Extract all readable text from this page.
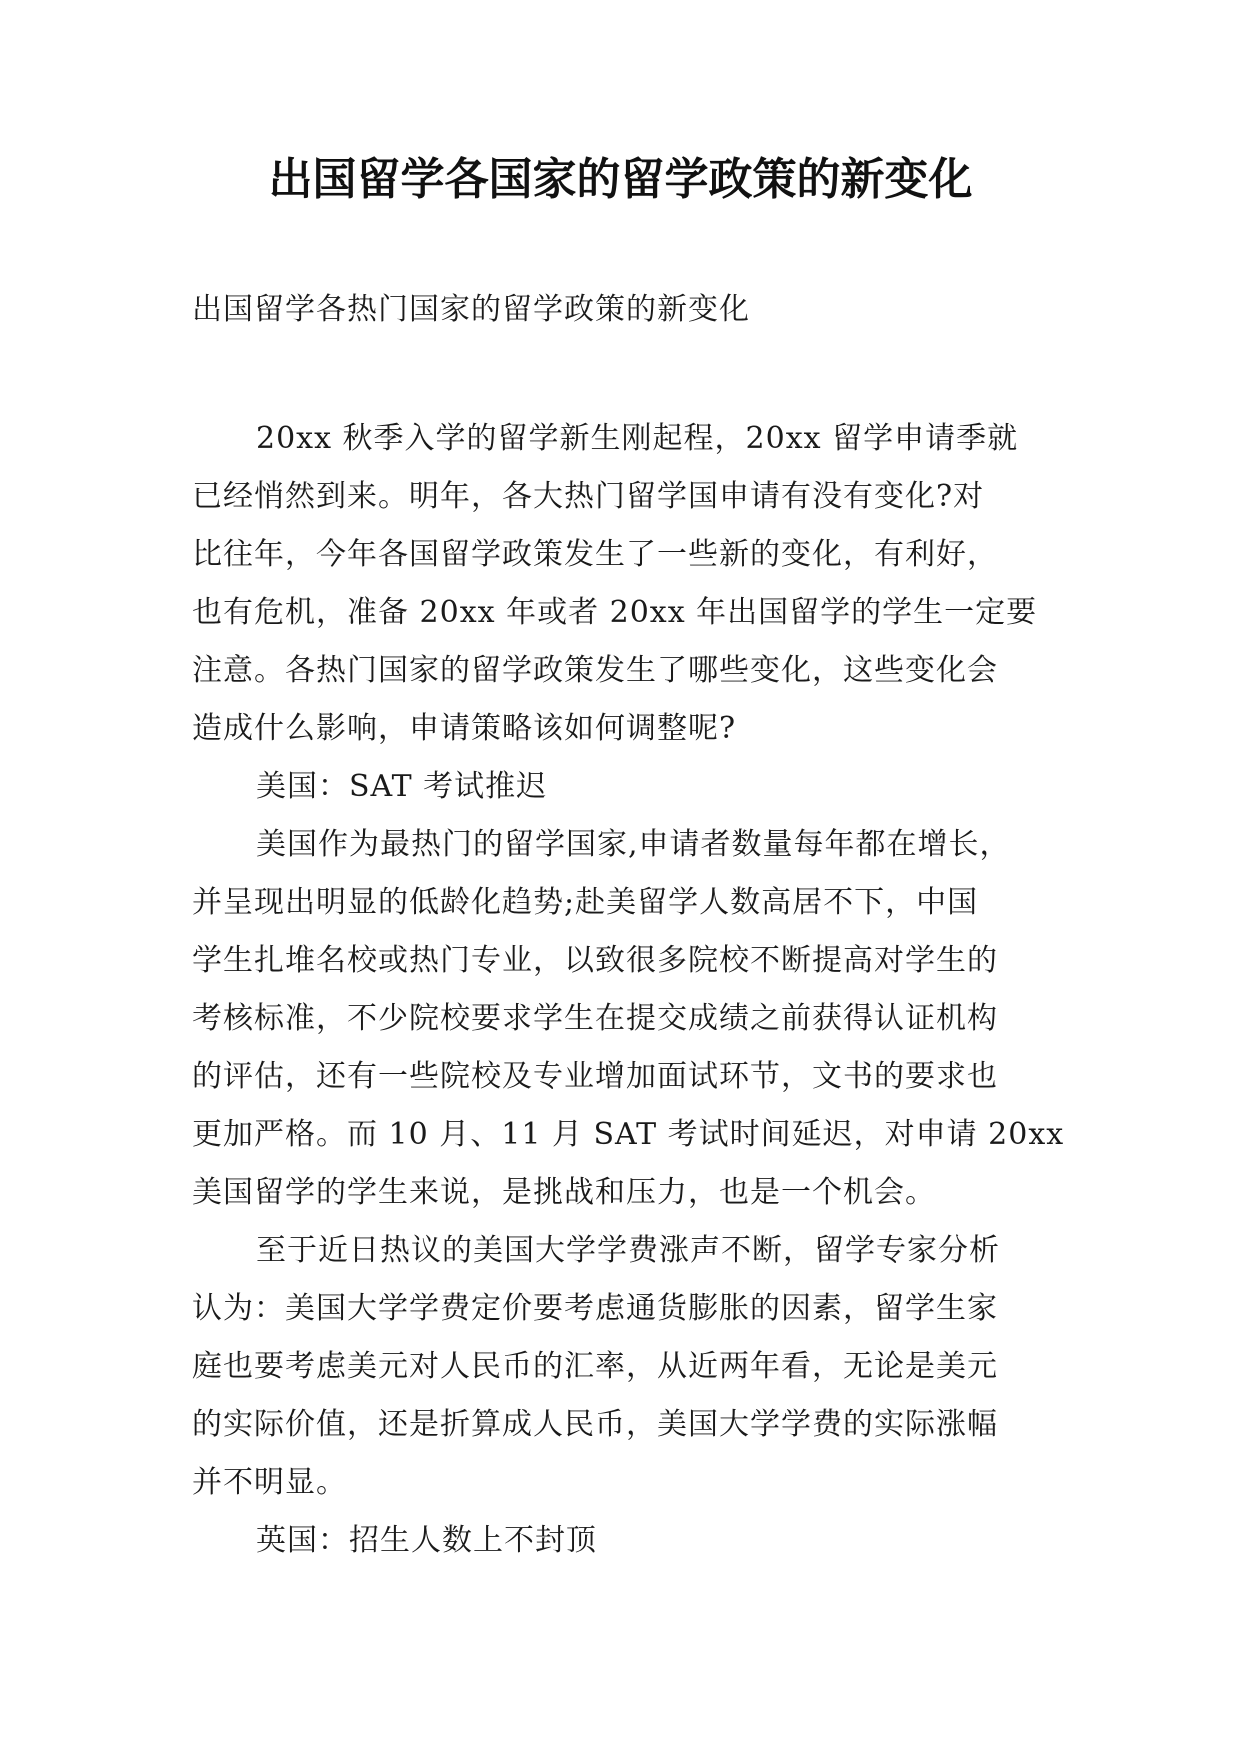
出国留学各国家的留学政策的新变化

出国留学各热门国家的留学政策的新变化

20xx 秋季入学的留学新生刚起程，20xx 留学申请季就
已经悄然到来。明年，各大热门留学国申请有没有变化?对
比往年，今年各国留学政策发生了一些新的变化，有利好，
也有危机，准备 20xx 年或者 20xx 年出国留学的学生一定要
注意。各热门国家的留学政策发生了哪些变化，这些变化会
造成什么影响，申请策略该如何调整呢?
美国：SAT 考试推迟
美国作为最热门的留学国家,申请者数量每年都在增长，
并呈现出明显的低龄化趋势;赴美留学人数高居不下，中国
学生扎堆名校或热门专业，以致很多院校不断提高对学生的
考核标准，不少院校要求学生在提交成绩之前获得认证机构
的评估，还有一些院校及专业增加面试环节，文书的要求也
更加严格。而 10 月、11 月 SAT 考试时间延迟，对申请 20xx
美国留学的学生来说，是挑战和压力，也是一个机会。
至于近日热议的美国大学学费涨声不断，留学专家分析
认为：美国大学学费定价要考虑通货膨胀的因素，留学生家
庭也要考虑美元对人民币的汇率，从近两年看，无论是美元
的实际价值，还是折算成人民币，美国大学学费的实际涨幅
并不明显。
英国：招生人数上不封顶
